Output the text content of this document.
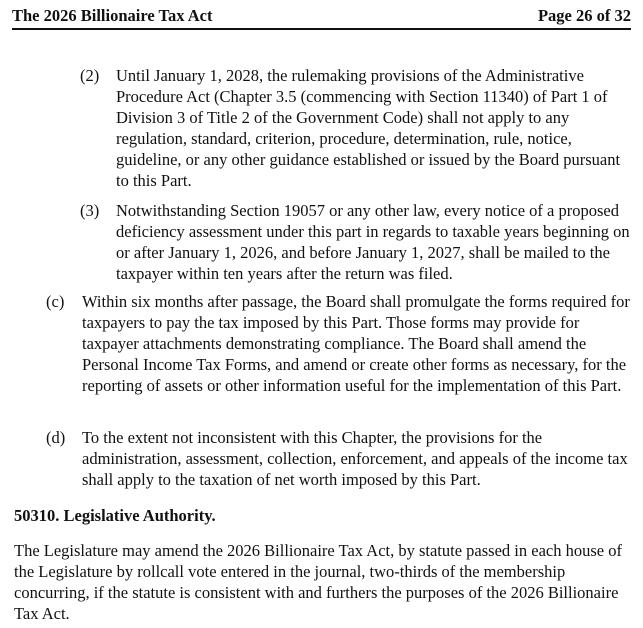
The 2026 Billionaire Tax Act	Page 26 of 32
(2) Until January 1, 2028, the rulemaking provisions of the Administrative Procedure Act (Chapter 3.5 (commencing with Section 11340) of Part 1 of Division 3 of Title 2 of the Government Code) shall not apply to any regulation, standard, criterion, procedure, determination, rule, notice, guideline, or any other guidance established or issued by the Board pursuant to this Part.
(3) Notwithstanding Section 19057 or any other law, every notice of a proposed deficiency assessment under this part in regards to taxable years beginning on or after January 1, 2026, and before January 1, 2027, shall be mailed to the taxpayer within ten years after the return was filed.
(c) Within six months after passage, the Board shall promulgate the forms required for taxpayers to pay the tax imposed by this Part. Those forms may provide for taxpayer attachments demonstrating compliance. The Board shall amend the Personal Income Tax Forms, and amend or create other forms as necessary, for the reporting of assets or other information useful for the implementation of this Part.
(d) To the extent not inconsistent with this Chapter, the provisions for the administration, assessment, collection, enforcement, and appeals of the income tax shall apply to the taxation of net worth imposed by this Part.
50310. Legislative Authority.
The Legislature may amend the 2026 Billionaire Tax Act, by statute passed in each house of the Legislature by rollcall vote entered in the journal, two-thirds of the membership concurring, if the statute is consistent with and furthers the purposes of the 2026 Billionaire Tax Act.
